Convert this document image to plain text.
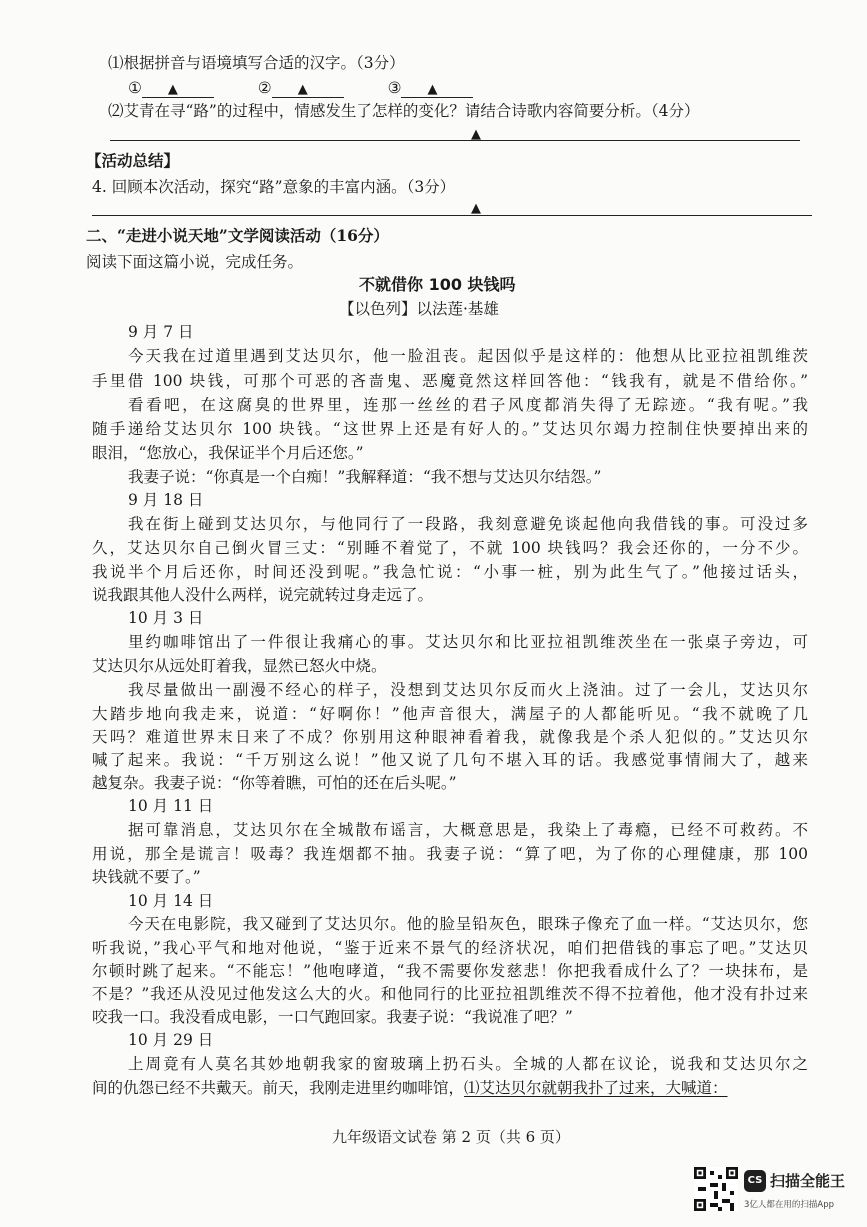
⑴根据拼音与语境填写合适的汉字。（3分）
① ▲	② ▲	③ ▲
⑵艾青在寻“路”的过程中，情感发生了怎样的变化？请结合诗歌内容简要分析。（4分）
▲
【活动总结】
4. 回顾本次活动，探究“路”意象的丰富内涵。（3分）
▲
二、“走进小说天地”文学阅读活动（16分）
阅读下面这篇小说，完成任务。
不就借你 100 块钱吗
【以色列】以法莲·基雄
9 月 7 日
今天我在过道里遇到艾达贝尔，他一脸沮丧。起因似乎是这样的：他想从比亚拉祖凯维茨
手里借 100 块钱，可那个可恶的吝啬鬼、恶魔竟然这样回答他：“钱我有，就是不借给你。”
看看吧，在这腐臭的世界里，连那一丝丝的君子风度都消失得了无踪迹。“我有呢。”我
随手递给艾达贝尔 100 块钱。“这世界上还是有好人的。”艾达贝尔竭力控制住快要掉出来的
眼泪，“您放心，我保证半个月后还您。”
我妻子说：“你真是一个白痴！”我解释道：“我不想与艾达贝尔结怨。”
9 月 18 日
我在街上碰到艾达贝尔，与他同行了一段路，我刻意避免谈起他向我借钱的事。可没过多
久，艾达贝尔自己倒火冒三丈：“别睡不着觉了，不就 100 块钱吗？我会还你的，一分不少。
我说半个月后还你，时间还没到呢。”我急忙说：“小事一桩，别为此生气了。”他接过话头，
说我跟其他人没什么两样，说完就转过身走远了。
10 月 3 日
里约咖啡馆出了一件很让我痛心的事。艾达贝尔和比亚拉祖凯维茨坐在一张桌子旁边，可
艾达贝尔从远处盯着我，显然已怒火中烧。
我尽量做出一副漫不经心的样子，没想到艾达贝尔反而火上浇油。过了一会儿，艾达贝尔
大踏步地向我走来，说道：“好啊你！”他声音很大，满屋子的人都能听见。“我不就晚了几
天吗？难道世界末日来了不成？你别用这种眼神看着我，就像我是个杀人犯似的。”艾达贝尔
喊了起来。我说：“千万别这么说！”他又说了几句不堪入耳的话。我感觉事情闹大了，越来
越复杂。我妻子说：“你等着瞧，可怕的还在后头呢。”
10 月 11 日
据可靠消息，艾达贝尔在全城散布谣言，大概意思是，我染上了毒瘾，已经不可救药。不
用说，那全是谎言！吸毒？我连烟都不抽。我妻子说：“算了吧，为了你的心理健康，那 100
块钱就不要了。”
10 月 14 日
今天在电影院，我又碰到了艾达贝尔。他的脸呈铅灰色，眼珠子像充了血一样。“艾达贝尔，您
听我说，”我心平气和地对他说，“鉴于近来不景气的经济状况，咱们把借钱的事忘了吧。”艾达贝
尔顿时跳了起来。“不能忘！”他咆哮道，“我不需要你发慈悲！你把我看成什么了？一块抹布，是
不是？”我还从没见过他发这么大的火。和他同行的比亚拉祖凯维茨不得不拉着他，他才没有扑过来
咬我一口。我没看成电影，一口气跑回家。我妻子说：“我说准了吧？”
10 月 29 日
上周竟有人莫名其妙地朝我家的窗玻璃上扔石头。全城的人都在议论，说我和艾达贝尔之
间的仇怨已经不共戴天。前天，我刚走进里约咖啡馆，⑴艾达贝尔就朝我扑了过来，大喊道：
九年级语文试卷 第 2 页（共 6 页）
CS 扫描全能王
3亿人都在用的扫描App
